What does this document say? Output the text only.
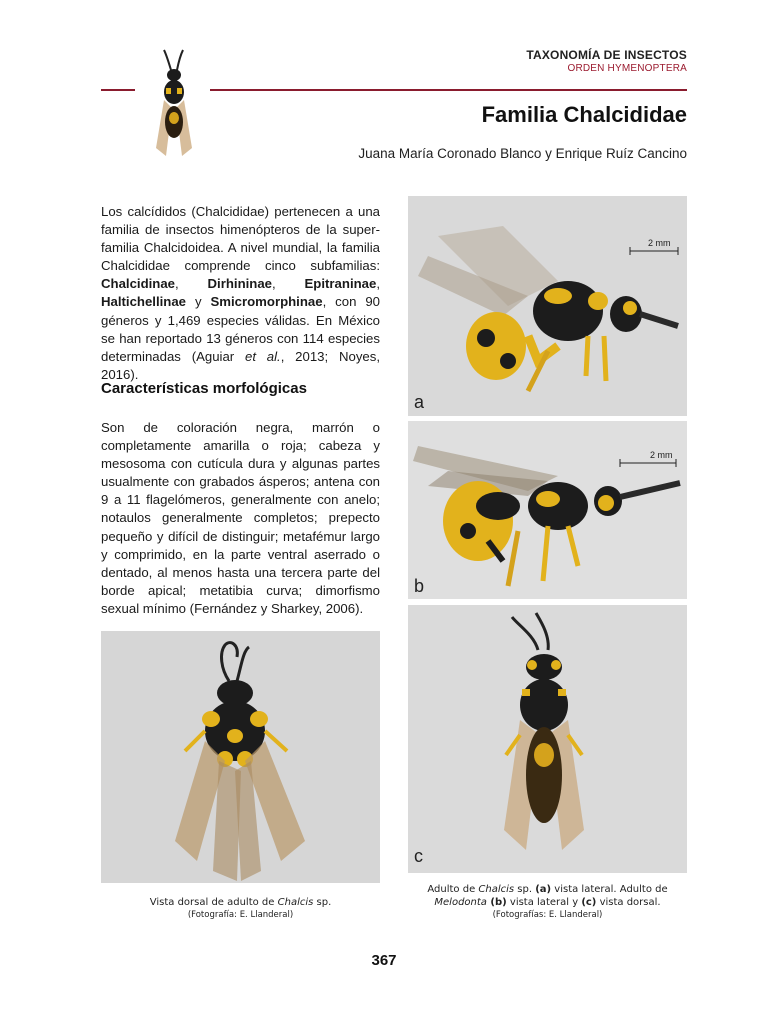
TAXONOMÍA DE INSECTOS
ORDEN HYMENOPTERA
Familia Chalcididae
Juana María Coronado Blanco y Enrique Ruíz Cancino
Los calcídidos (Chalcididae) pertenecen a una familia de insectos himenópteros de la super-familia Chalcidoidea. A nivel mundial, la familia Chalcididae comprende cinco subfamilias: Chalcidinae, Dirhininae, Epitraninae, Haltichellinae y Smicromorphinae, con 90 géneros y 1,469 especies válidas. En México se han reportado 13 géneros con 114 especies determinadas (Aguiar et al., 2013; Noyes, 2016).
Características morfológicas
Son de coloración negra, marrón o completamente amarilla o roja; cabeza y mesosoma con cutícula dura y algunas partes usualmente con grabados ásperos; antena con 9 a 11 flagelómeros, generalmente con anelo; notaulos generalmente completos; prepecto pequeño y difícil de distinguir; metafémur largo y comprimido, en la parte ventral aserrado o dentado, al menos hasta una tercera parte del borde apical; metatibia curva; dimorfismo sexual mínimo (Fernández y Sharkey, 2006).
2 mm
a
2 mm
b
c
Vista dorsal de adulto de Chalcis sp.
(Fotografía: E. Llanderal)
Adulto de Chalcis sp. (a) vista lateral. Adulto de
Melodonta (b) vista lateral y (c) vista dorsal.
(Fotografías: E. Llanderal)
367
